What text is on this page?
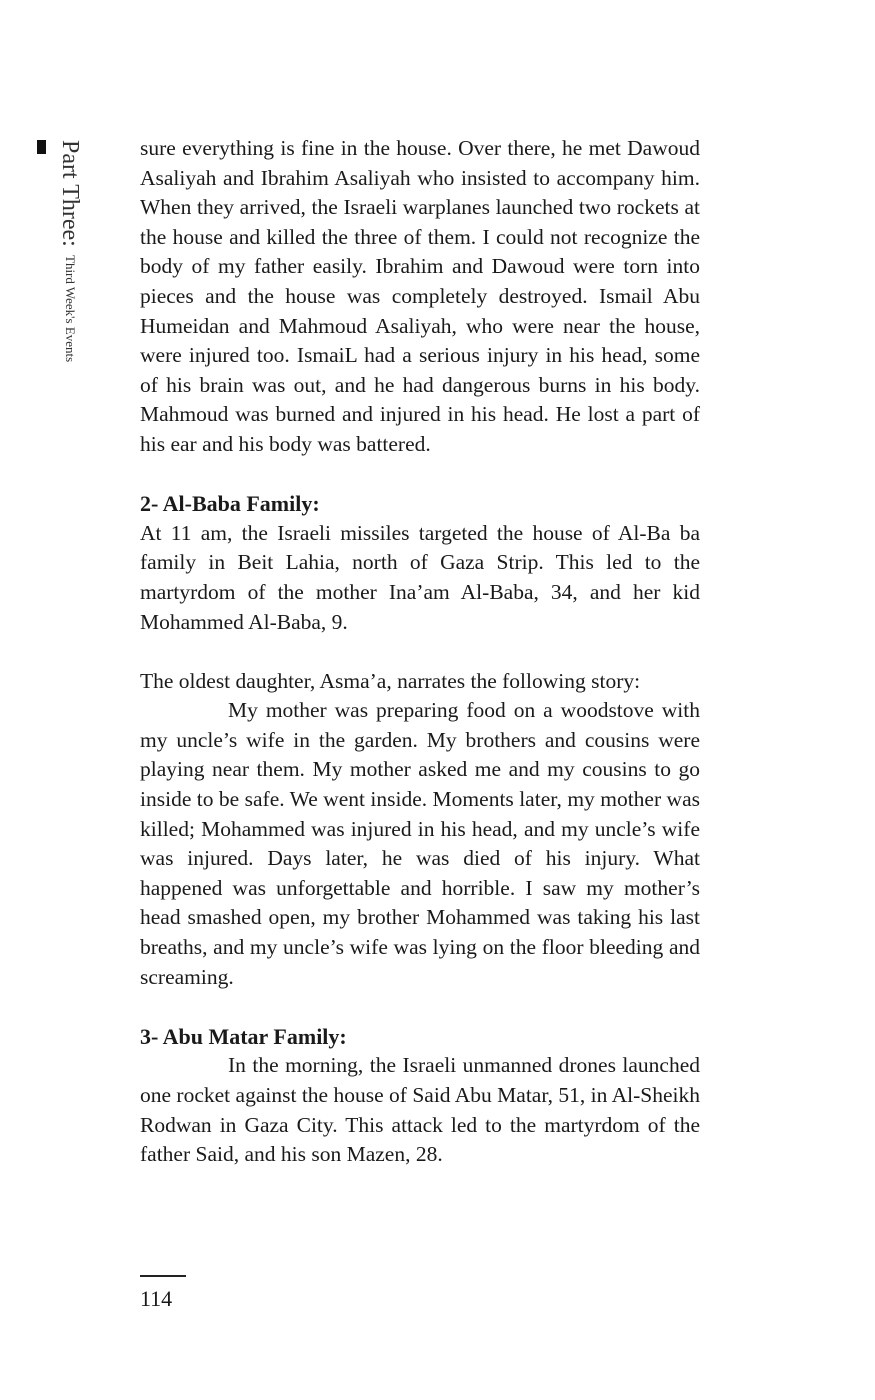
Part Three: Third Week's Events

sure everything is fine in the house. Over there, he met Dawoud Asaliyah and Ibrahim Asaliyah who insisted to accompany him. When they arrived, the Israeli warplanes launched two rockets at the house and killed the three of them. I could not recognize the body of my father easily. Ibrahim and Dawoud were torn into pieces and the house was completely destroyed. Ismail Abu Humeidan and Mahmoud Asaliyah, who were near the house, were injured too. IsmaiL had a serious injury in his head, some of his brain was out, and he had dangerous burns in his body. Mahmoud was burned and injured in his head. He lost a part of his ear and his body was battered.

2- Al-Baba Family:

At 11 am, the Israeli missiles targeted the house of Al-Ba ba family in Beit Lahia, north of Gaza Strip. This led to the martyrdom of the mother Ina’am Al-Baba, 34, and her kid Mohammed Al-Baba, 9.

The oldest daughter, Asma’a, narrates the following story:

My mother was preparing food on a woodstove with my uncle’s wife in the garden. My brothers and cousins were playing near them. My mother asked me and my cousins to go inside to be safe. We went inside. Moments later, my mother was killed; Mohammed was injured in his head, and my uncle’s wife was injured. Days later, he was died of his injury. What happened was unforgettable and horrible. I saw my mother’s head smashed open, my brother Mohammed was taking his last breaths, and my uncle’s wife was lying on the floor bleeding and screaming.

3- Abu Matar Family:

In the morning, the Israeli unmanned drones launched one rocket against the house of Said Abu Matar, 51, in Al-Sheikh Rodwan in Gaza City. This attack led to the martyrdom of the father Said, and his son Mazen, 28.

114
